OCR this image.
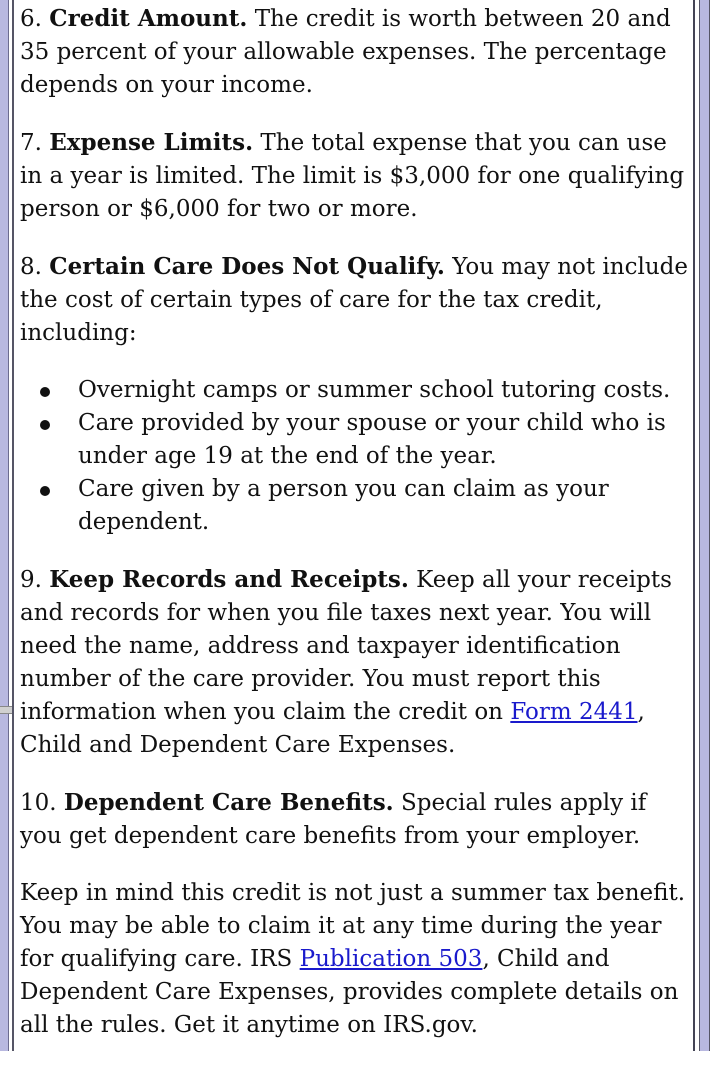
6. Credit Amount. The credit is worth between 20 and 35 percent of your allowable expenses. The percentage depends on your income.

7. Expense Limits. The total expense that you can use in a year is limited. The limit is $3,000 for one qualifying person or $6,000 for two or more.

8. Certain Care Does Not Qualify. You may not include the cost of certain types of care for the tax credit, including:

Overnight camps or summer school tutoring costs.
Care provided by your spouse or your child who is under age 19 at the end of the year.
Care given by a person you can claim as your dependent.

9. Keep Records and Receipts. Keep all your receipts and records for when you file taxes next year. You will need the name, address and taxpayer identification number of the care provider. You must report this information when you claim the credit on Form 2441, Child and Dependent Care Expenses.

10. Dependent Care Benefits. Special rules apply if you get dependent care benefits from your employer.

Keep in mind this credit is not just a summer tax benefit. You may be able to claim it at any time during the year for qualifying care. IRS Publication 503, Child and Dependent Care Expenses, provides complete details on all the rules. Get it anytime on IRS.gov.
